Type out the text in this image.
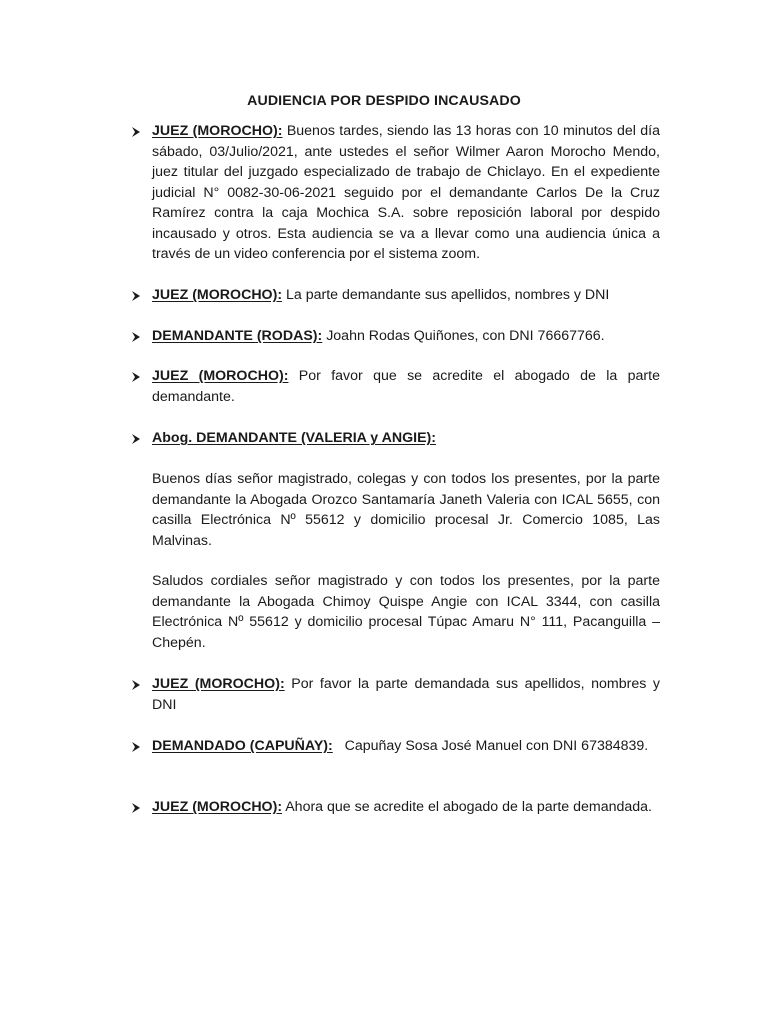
AUDIENCIA POR DESPIDO INCAUSADO
JUEZ (MOROCHO): Buenos tardes, siendo las 13 horas con 10 minutos del día sábado, 03/Julio/2021, ante ustedes el señor Wilmer Aaron Morocho Mendo, juez titular del juzgado especializado de trabajo de Chiclayo. En el expediente judicial N° 0082-30-06-2021 seguido por el demandante Carlos De la Cruz Ramírez contra la caja Mochica S.A. sobre reposición laboral por despido incausado y otros. Esta audiencia se va a llevar como una audiencia única a través de un video conferencia por el sistema zoom.
JUEZ (MOROCHO): La parte demandante sus apellidos, nombres y DNI
DEMANDANTE (RODAS): Joahn Rodas Quiñones, con DNI 76667766.
JUEZ (MOROCHO): Por favor que se acredite el abogado de la parte demandante.
Abog. DEMANDANTE (VALERIA y ANGIE):
Buenos días señor magistrado, colegas y con todos los presentes, por la parte demandante la Abogada Orozco Santamaría Janeth Valeria con ICAL 5655, con casilla Electrónica Nº 55612 y domicilio procesal Jr. Comercio 1085, Las Malvinas.
Saludos cordiales señor magistrado y con todos los presentes, por la parte demandante la Abogada Chimoy Quispe Angie con ICAL 3344, con casilla Electrónica Nº 55612 y domicilio procesal Túpac Amaru N° 111, Pacanguilla – Chepén.
JUEZ (MOROCHO): Por favor la parte demandada sus apellidos, nombres y DNI
DEMANDADO (CAPUÑAY): Capuñay Sosa José Manuel con DNI 67384839.
JUEZ (MOROCHO): Ahora que se acredite el abogado de la parte demandada.
